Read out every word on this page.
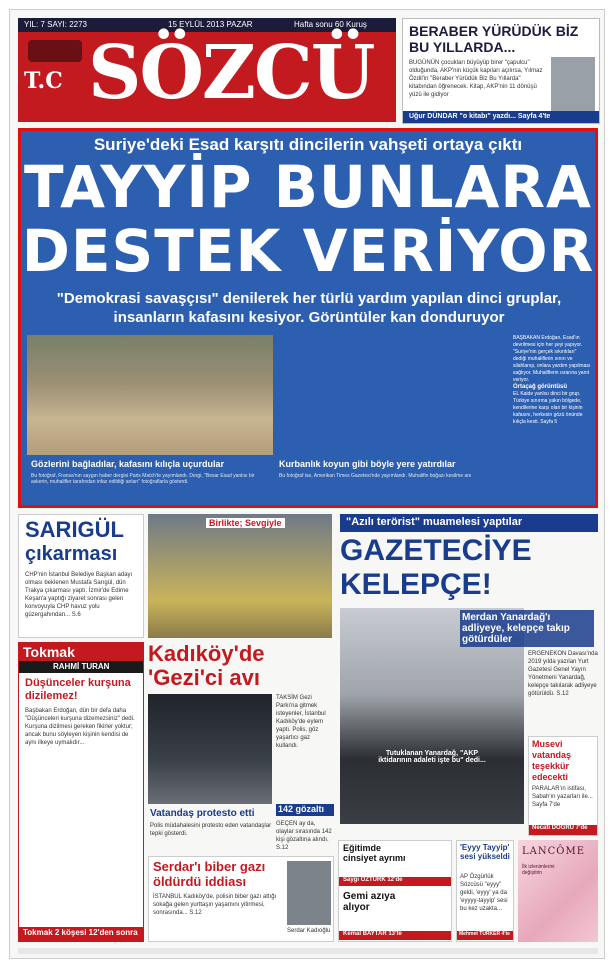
YIL: 7 SAYI: 2273	15 EYLÜL 2013 PAZAR	Hafta sonu 60 Kuruş
T.C SÖZCÜ	BERABER YÜRÜDÜK BİZ BU YILLARDA...
BUGÜNÜN çocukları büyüyüp birer "çapulcu" olduğunda, AKP'nin küçük kapıları açılırsa, Yılmaz Özdil'in "Beraber Yürüdük Biz Bu Yıllarda" kitabından öğrenecek. Kitap, AKP'nin 11 dönüşü yüzü ile gidiyor
Uğur DÜNDAR "o kitabı" yazdı... Sayfa 4'te
Suriye'deki Esad karşıtı dincilerin vahşeti ortaya çıktı
TAYYİP BUNLARA
DESTEK VERİYOR
"Demokrasi savaşçısı" denilerek her türlü yardım yapılan dinci gruplar, insanların kafasını kesiyor. Görüntüler kan donduruyor
Gözlerini bağladılar, kafasını kılıçla uçurdular
Bu fotoğraf, Fransa'nın saygın haber dergisi Paris Match'te yayımlandı. Dergi, "Besar Esad yanlısı bir askerin, muhalifler tarafından infaz edildiği anları" fotoğraflarla gösterdi.
Kurbanlık koyun gibi böyle yere yatırdılar
Bu fotoğraf ise, Amerikan Times Gazetesi'nde yayımlandı. Muhalifin boğazı kesilme anı
BAŞBAKAN Erdoğan, Esad'ın devrilmesi için her şeyi yapıyor. "Suriye'nin gerçek sıkıntıları" dediği muhaliflerin sınırı ve silahlanıp, onlara yardım yapılması sağlıyor. Muhaliflerin ısrarına yanıt veriyor.
Ortaçağ görüntüsü
EL Kaide yanlısı dinci bir grup. Türkiye sınırına yakın bölgede, kendilerine karşı olan bir kişinin kafasını, herkesin gözü önünde kılıçla kesti. Sayfa 5
SARIGÜL
çıkarması
CHP'nin İstanbul Belediye Başkan adayı olması beklenen Mustafa Sarıgül, dün Trakya çıkarması yaptı. İzmir'de Edirne Keşan'a yaptığı ziyaret sonrası gelen konvoyuyla CHP havuz yolu güzergahından... S.6
Birlikte; Sevgiyle
Tokmak
RAHMİ TURAN
Düşünceler kurşuna dizilemez!
Başbakan Erdoğan, dün bir defa daha "Düşünceleri kurşuna dizemezsiniz" dedi. Kurşuna dizilmesi gereken fikirler yoktur; ancak bunu söyleyen kişinin kendisi de aynı ilkeye uymalıdır...
Tokmak 2 köşesi 12'den sonra
Kadıköy'de 'Gezi'ci avı
TAKSİM Gezi Parkı'na gitmek isteyenler, İstanbul Kadıköy'de eylem yaptı. Polis, göz yaşartıcı gaz kullandı.
Vatandaş protesto etti
Polis müdahalesini protesto eden vatandaşlar tepki gösterdi.
142 gözaltı
GEÇEN ay da, olaylar sırasında 142 kişi gözaltına alındı. S.12
"Azılı terörist" muamelesi yaptılar
GAZETECİYE
KELEPÇE!
Merdan Yanardağ'ı adliyeye, kelepçe takıp götürdüler
Tutuklanan Yanardağ, "AKP iktidarının adaleti işte bu" dedi...
ERGENEKON Davası'nda 2019 yılda yazılan Yurt Gazetesi Genel Yayın Yönetmeni Yanardağ, kelepçe takılarak adliyeye götürüldü. S.12
Musevi vatandaş teşekkür edecekti
PARALAR'ın istifası, Sabah'ın yazarları ile... Sayfa 7'de
Necati DOĞRU 7'de
Serdar'ı biber gazı öldürdü iddiası
İSTANBUL Kadıköy'de, polisin biber gazı attığı sokağa gelen yurttaşın yaşamını yitirmesi, sonrasında... S.12
Serdar Kadıoğlu
Eğitimde cinsiyet ayrımı
Saygı ÖZTÜRK 12'de
Gemi azıya alıyor
Kemal BAYTAR 13'te
'Eyyy Tayyip' sesi yükseldi
AP Özgürlük Sözcüsü "eyyy" geldi, 'eyyy' ya da 'eyyyy-tayyip' sesi bu kez uzakta...
Mehmet TURKER 4'te
LANCÔME
İlk izlenimlerini değiştirin
